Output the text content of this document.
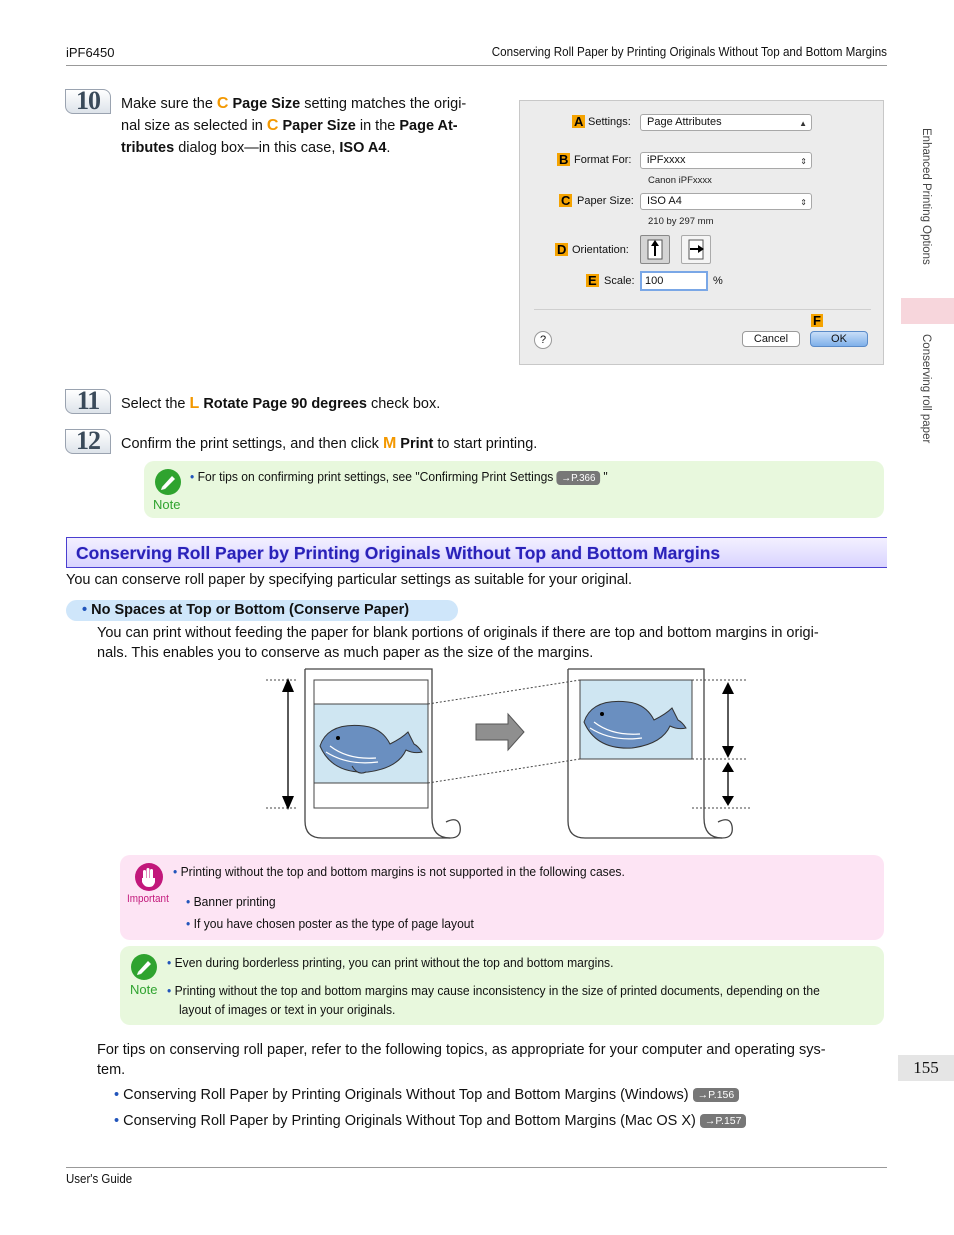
iPF6450	Conserving Roll Paper by Printing Originals Without Top and Bottom Margins
Enhanced Printing Options
Conserving roll paper
155
10	Make sure the C Page Size setting matches the origi-
nal size as selected in C Paper Size in the Page At-
tributes dialog box—in this case, ISO A4.
A Settings:	Page Attributes	▲

B Format For:	iPFxxxx	⇕
Canon iPFxxxx
C Paper Size:	ISO A4	⇕
210 by 297 mm
D Orientation:
E Scale: 100	%
?	Cancel
F
OK
11	Select the L Rotate Page 90 degrees check box.
12	Confirm the print settings, and then click M Print to start printing.
Note
• For tips on confirming print settings, see "Confirming Print Settings →P.366 "
Conserving Roll Paper by Printing Originals Without Top and Bottom Margins
You can conserve roll paper by specifying particular settings as suitable for your original.
• No Spaces at Top or Bottom (Conserve Paper)
You can print without feeding the paper for blank portions of originals if there are top and bottom margins in origi-
nals. This enables you to conserve as much paper as the size of the margins.
Important
• Printing without the top and bottom margins is not supported in the following cases.
• Banner printing
• If you have chosen poster as the type of page layout
Note
• Even during borderless printing, you can print without the top and bottom margins.
• Printing without the top and bottom margins may cause inconsistency in the size of printed documents, depending on the
layout of images or text in your originals.
For tips on conserving roll paper, refer to the following topics, as appropriate for your computer and operating sys-
tem.
• Conserving Roll Paper by Printing Originals Without Top and Bottom Margins (Windows) →P.156
• Conserving Roll Paper by Printing Originals Without Top and Bottom Margins (Mac OS X) →P.157
User's Guide
